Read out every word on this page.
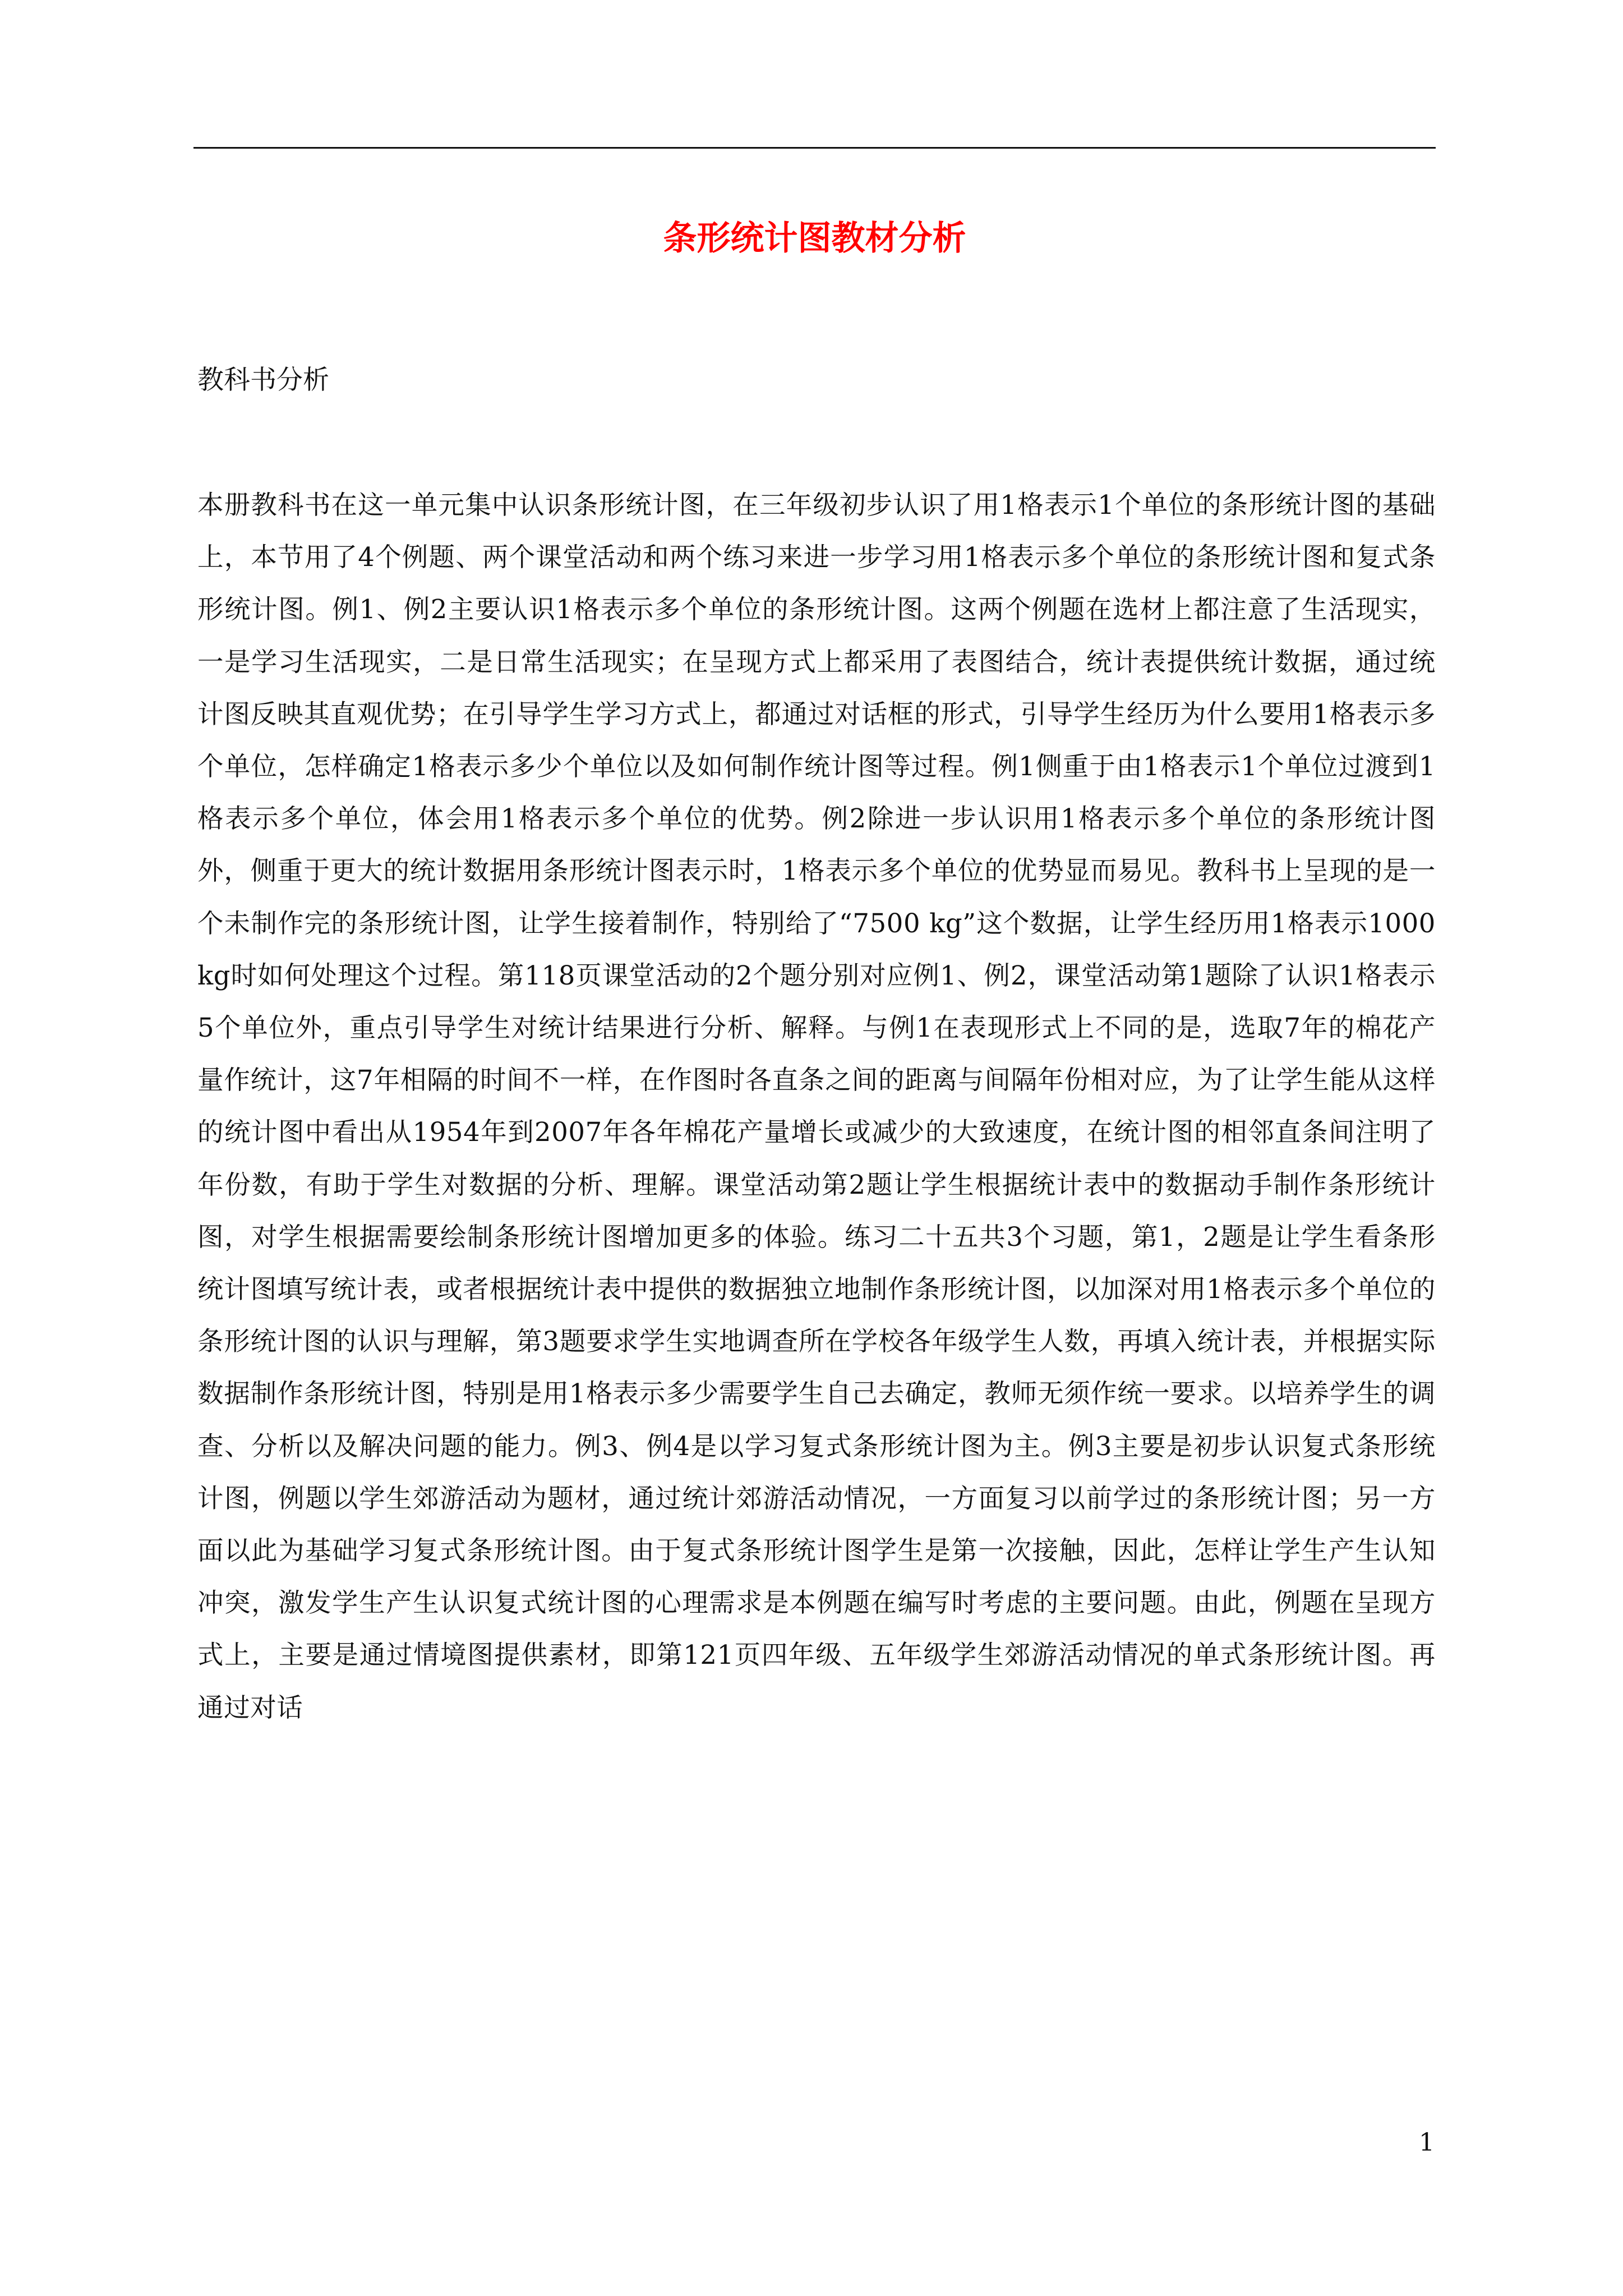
条形统计图教材分析

教科书分析

本册教科书在这一单元集中认识条形统计图，在三年级初步认识了用1格表示1个单位的条形统计图的基础上，本节用了4个例题、两个课堂活动和两个练习来进一步学习用1格表示多个单位的条形统计图和复式条形统计图。例1、例2主要认识1格表示多个单位的条形统计图。这两个例题在选材上都注意了生活现实，一是学习生活现实，二是日常生活现实；在呈现方式上都采用了表图结合，统计表提供统计数据，通过统计图反映其直观优势；在引导学生学习方式上，都通过对话框的形式，引导学生经历为什么要用1格表示多个单位，怎样确定1格表示多少个单位以及如何制作统计图等过程。例1侧重于由1格表示1个单位过渡到1格表示多个单位，体会用1格表示多个单位的优势。例2除进一步认识用1格表示多个单位的条形统计图外，侧重于更大的统计数据用条形统计图表示时，1格表示多个单位的优势显而易见。教科书上呈现的是一个未制作完的条形统计图，让学生接着制作，特别给了“7500 kg”这个数据，让学生经历用1格表示1000 kg时如何处理这个过程。第118页课堂活动的2个题分别对应例1、例2，课堂活动第1题除了认识1格表示5个单位外，重点引导学生对统计结果进行分析、解释。与例1在表现形式上不同的是，选取7年的棉花产量作统计，这7年相隔的时间不一样，在作图时各直条之间的距离与间隔年份相对应，为了让学生能从这样的统计图中看出从1954年到2007年各年棉花产量增长或减少的大致速度，在统计图的相邻直条间注明了年份数，有助于学生对数据的分析、理解。课堂活动第2题让学生根据统计表中的数据动手制作条形统计图，对学生根据需要绘制条形统计图增加更多的体验。练习二十五共3个习题，第1，2题是让学生看条形统计图填写统计表，或者根据统计表中提供的数据独立地制作条形统计图，以加深对用1格表示多个单位的条形统计图的认识与理解，第3题要求学生实地调查所在学校各年级学生人数，再填入统计表，并根据实际数据制作条形统计图，特别是用1格表示多少需要学生自己去确定，教师无须作统一要求。以培养学生的调查、分析以及解决问题的能力。例3、例4是以学习复式条形统计图为主。例3主要是初步认识复式条形统计图，例题以学生郊游活动为题材，通过统计郊游活动情况，一方面复习以前学过的条形统计图；另一方面以此为基础学习复式条形统计图。由于复式条形统计图学生是第一次接触，因此，怎样让学生产生认知冲突，激发学生产生认识复式统计图的心理需求是本例题在编写时考虑的主要问题。由此，例题在呈现方式上，主要是通过情境图提供素材，即第121页四年级、五年级学生郊游活动情况的单式条形统计图。再通过对话

1
